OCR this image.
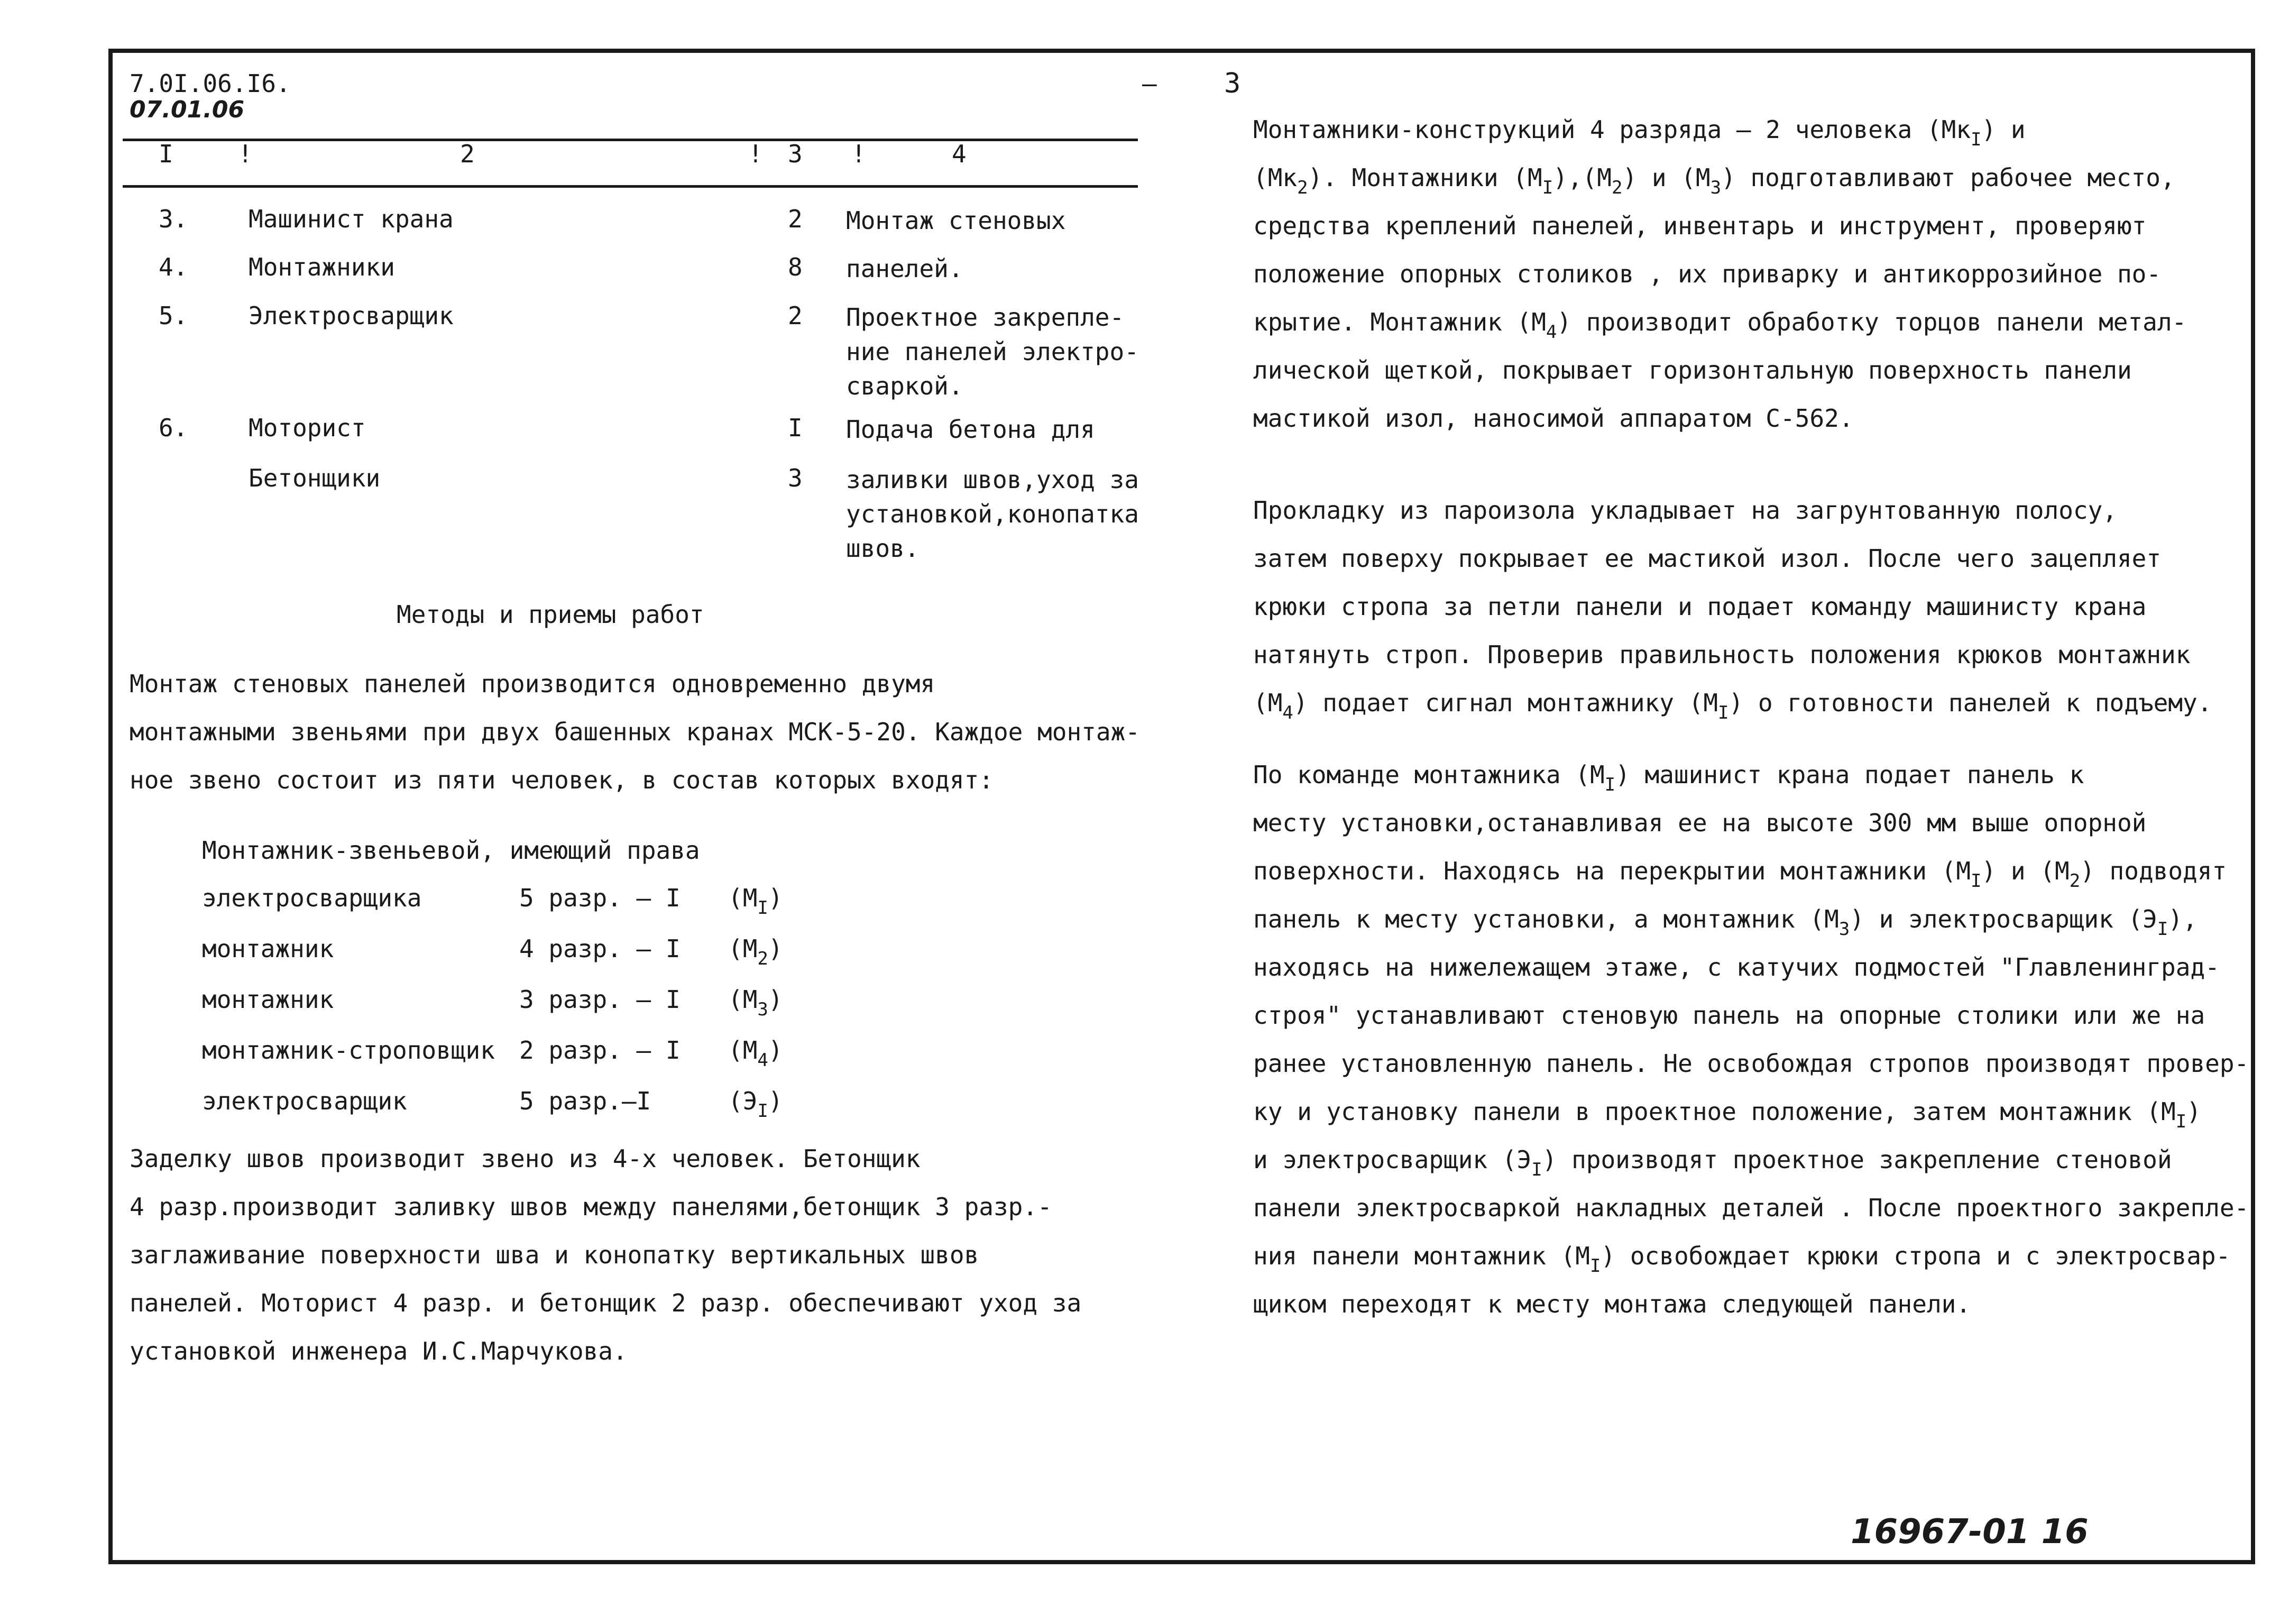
7.0I.06.I6.
07.01.06
– 3
I	!	2	! 3 !	4
3. Машинист крана	2 Монтаж стеновых
4. Монтажники	8 панелей.
5. Электросварщик	2 Проектное закрепле-
ние панелей электро-
сваркой.
6. Моторист	I Подача бетона для
Бетонщики	3 заливки швов,уход за
установкой,конопатка
швов.
Методы и приемы работ
Монтаж стеновых панелей производится одновременно двумя
монтажными звеньями при двух башенных кранах МСК-5-20. Каждое монтаж-
ное звено состоит из пяти человек, в состав которых входят:
Монтажник-звеньевой, имеющий права
электросварщика	5 разр. – I $(М_I)$
монтажник	4 разр. – I $(М_2)$
монтажник	3 разр. – I $(М_3)$
монтажник-строповщик 2 разр. – I $(М_4)$
электросварщик	5 разр.–I	$(Э_I)$
Заделку швов производит звено из 4-х человек. Бетонщик
4 разр.производит заливку швов между панелями,бетонщик 3 разр.-
заглаживание поверхности шва и конопатку вертикальных швов
панелей. Моторист 4 разр. и бетонщик 2 разр. обеспечивают уход за
установкой инженера И.С.Марчукова.
Монтажники-конструкций 4 разряда – 2 человека $(Мк_I)$ и
$(Мк_2)$. Монтажники $(М_I),(М_2)$ и $(М_3)$ подготавливают рабочее место,
средства креплений панелей, инвентарь и инструмент, проверяют
положение опорных столиков , их приварку и антикоррозийное по-
крытие. Монтажник $(М_4)$ производит обработку торцов панели метал-
лической щеткой, покрывает горизонтальную поверхность панели
мастикой изол, наносимой аппаратом С-562.
Прокладку из пароизола укладывает на загрунтованную полосу,
затем поверху покрывает ее мастикой изол. После чего зацепляет
крюки стропа за петли панели и подает команду машинисту крана
натянуть строп. Проверив правильность положения крюков монтажник
$(М_4)$ подает сигнал монтажнику $(М_I)$ о готовности панелей к подъему.
По команде монтажника $(М_I)$ машинист крана подает панель к
месту установки,останавливая ее на высоте 300 мм выше опорной
поверхности. Находясь на перекрытии монтажники $(М_I)$ и $(М_2)$ подводят
панель к месту установки, а монтажник $(М_3)$ и электросварщик $(Э_I)$,
находясь на нижележащем этаже, с катучих подмостей "Главленинград-
строя" устанавливают стеновую панель на опорные столики или же на
ранее установленную панель. Не освобождая стропов производят провер-
ку и установку панели в проектное положение, затем монтажник $(М_I)$
и электросварщик $(Э_I)$ производят проектное закрепление стеновой
панели электросваркой накладных деталей . После проектного закрепле-
ния панели монтажник $(М_I)$ освобождает крюки стропа и с электросвар-
щиком переходят к месту монтажа следующей панели.
16967-01 16
